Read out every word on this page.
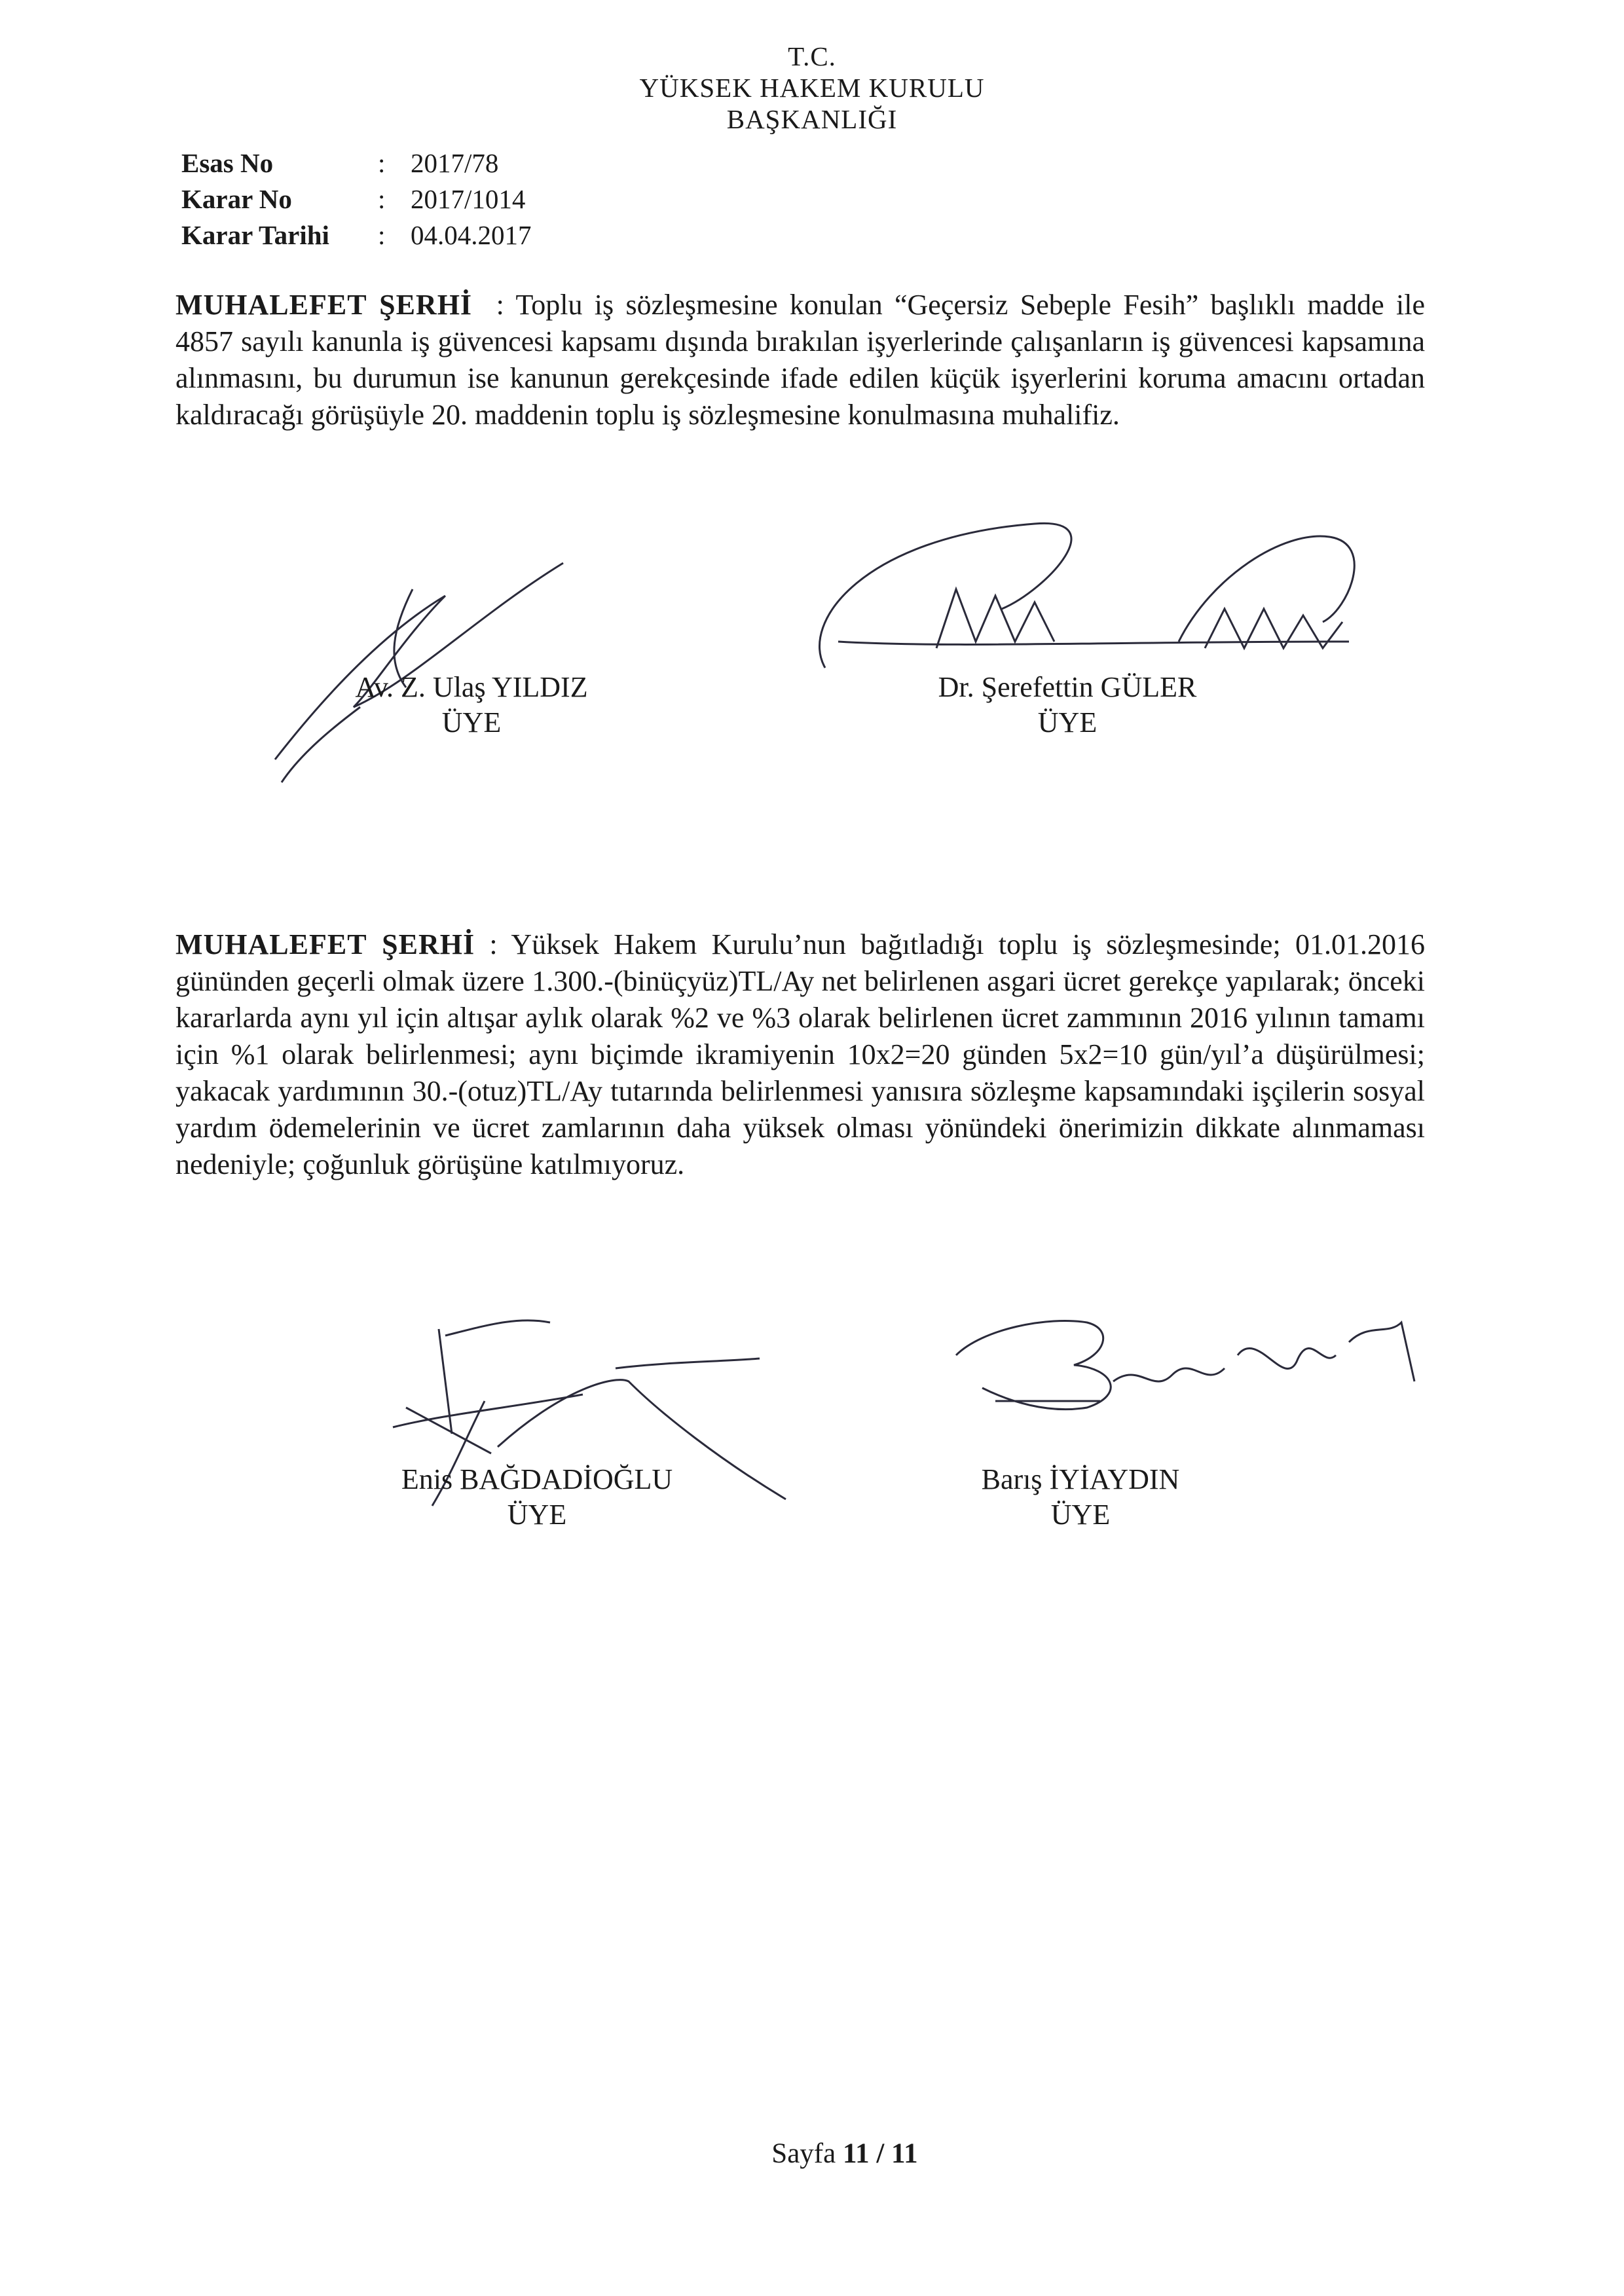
T.C.
YÜKSEK HAKEM KURULU
BAŞKANLIĞI
Esas No	: 2017/78
Karar No	: 2017/1014
Karar Tarihi	: 04.04.2017
MUHALEFET ŞERHİ  : Toplu iş sözleşmesine konulan “Geçersiz Sebeple Fesih” başlıklı madde ile 4857 sayılı kanunla iş güvencesi kapsamı dışında bırakılan işyerlerinde çalışanların iş güvencesi kapsamına alınmasını, bu durumun ise kanunun gerekçesinde ifade edilen küçük işyerlerini koruma amacını ortadan kaldıracağı görüşüyle 20. maddenin toplu iş sözleşmesine konulmasına muhalifiz.
Av. Z. Ulaş YILDIZ
ÜYE
Dr. Şerefettin GÜLER
ÜYE
MUHALEFET ŞERHİ : Yüksek Hakem Kurulu’nun bağıtladığı toplu iş sözleşmesinde; 01.01.2016 gününden geçerli olmak üzere 1.300.-(binüçyüz)TL/Ay net belirlenen asgari ücret gerekçe yapılarak; önceki kararlarda aynı yıl için altışar aylık olarak %2 ve %3 olarak belirlenen ücret zammının 2016 yılının tamamı için %1 olarak belirlenmesi; aynı biçimde ikramiyenin 10x2=20 günden 5x2=10 gün/yıl’a düşürülmesi; yakacak yardımının 30.-(otuz)TL/Ay tutarında belirlenmesi yanısıra sözleşme kapsamındaki işçilerin sosyal yardım ödemelerinin ve ücret zamlarının daha yüksek olması yönündeki önerimizin dikkate alınmaması nedeniyle; çoğunluk görüşüne katılmıyoruz.
Enis BAĞDADİOĞLU
ÜYE
Barış İYİAYDIN
ÜYE
Sayfa 11 / 11
